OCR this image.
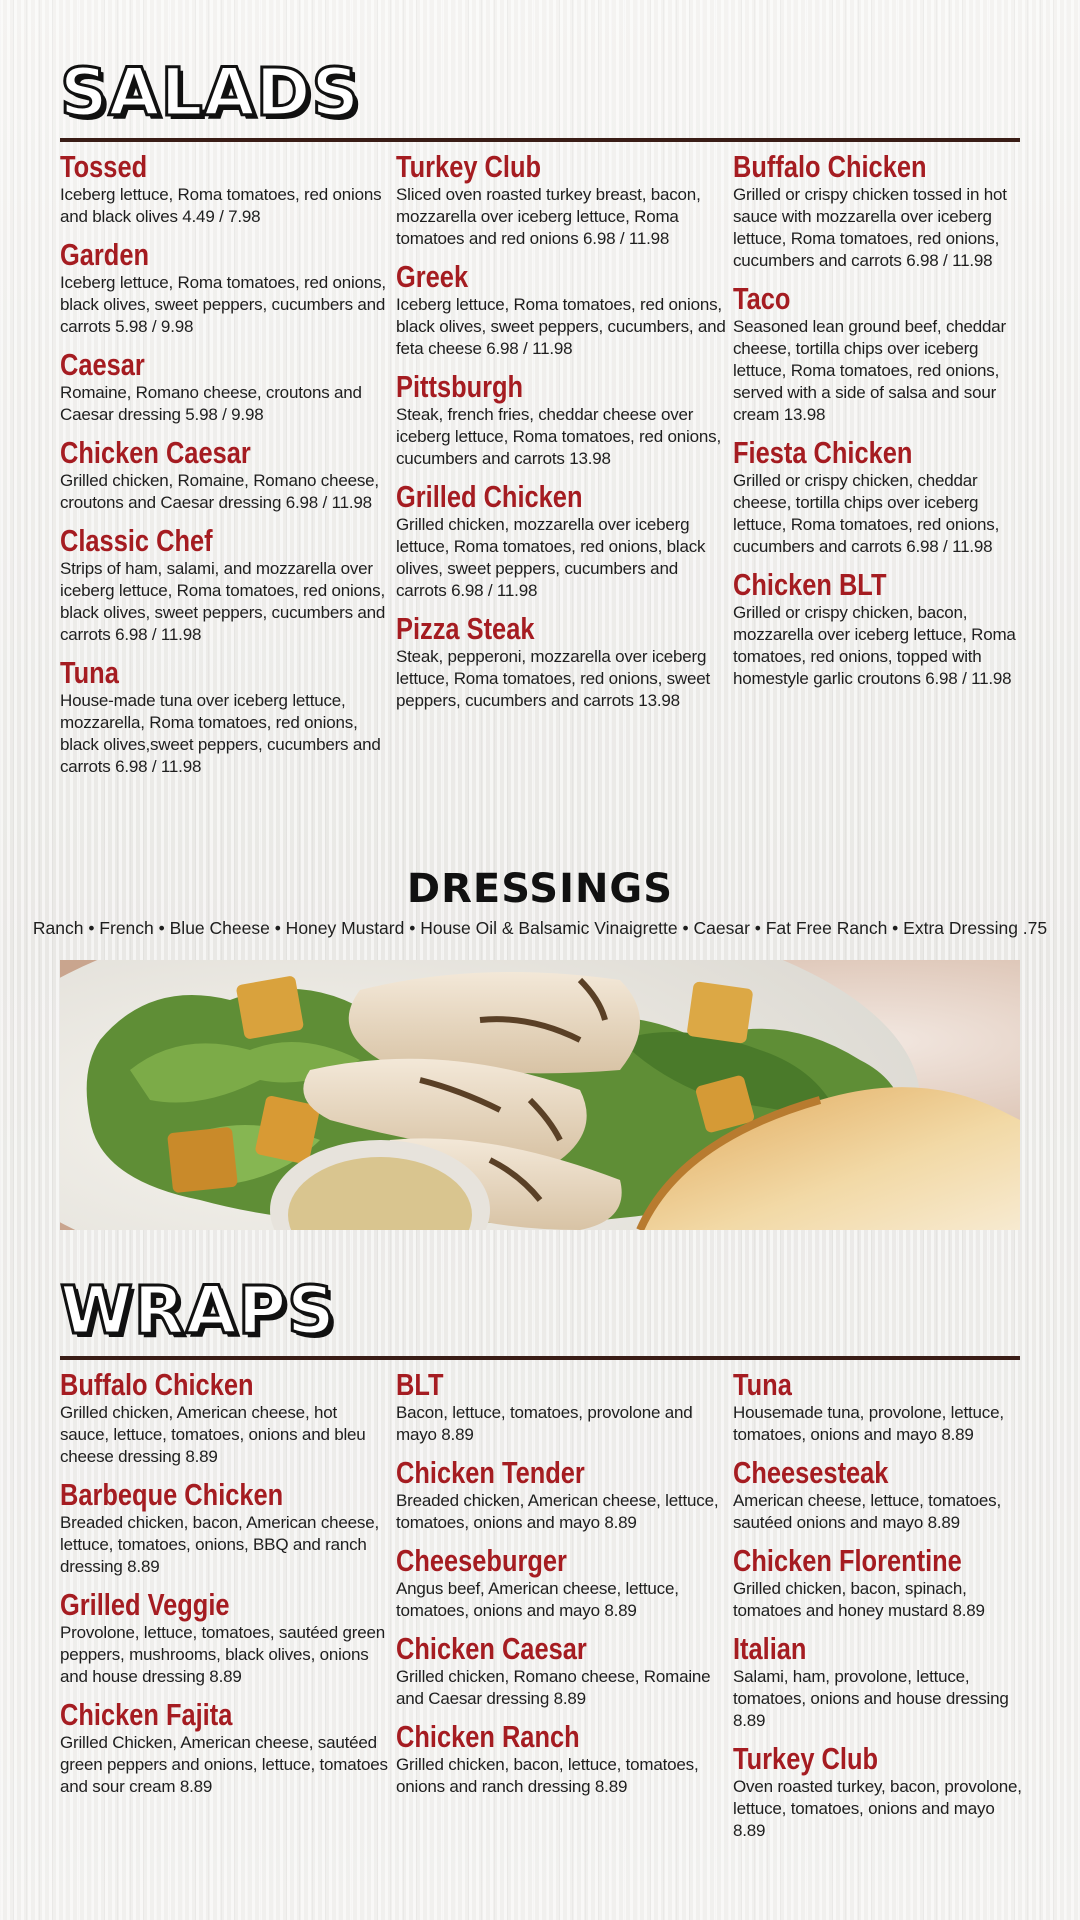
SALADS
Tossed
Iceberg lettuce, Roma tomatoes, red onions and black olives 4.49 / 7.98
Garden
Iceberg lettuce, Roma tomatoes, red onions, black olives, sweet peppers, cucumbers and carrots 5.98 / 9.98
Caesar
Romaine, Romano cheese, croutons and Caesar dressing 5.98 / 9.98
Chicken Caesar
Grilled chicken, Romaine, Romano cheese, croutons and Caesar dressing 6.98 / 11.98
Classic Chef
Strips of ham, salami, and mozzarella over iceberg lettuce, Roma tomatoes, red onions, black olives, sweet peppers, cucumbers and carrots 6.98 / 11.98
Tuna
House-made tuna over iceberg lettuce, mozzarella, Roma tomatoes, red onions, black olives,sweet peppers, cucumbers and carrots 6.98 / 11.98
Turkey Club
Sliced oven roasted turkey breast, bacon, mozzarella over iceberg lettuce, Roma tomatoes and red onions 6.98 / 11.98
Greek
Iceberg lettuce, Roma tomatoes, red onions, black olives, sweet peppers, cucumbers, and feta cheese 6.98 / 11.98
Pittsburgh
Steak, french fries, cheddar cheese over iceberg lettuce, Roma tomatoes, red onions, cucumbers and carrots 13.98
Grilled Chicken
Grilled chicken, mozzarella over iceberg lettuce, Roma tomatoes, red onions, black olives, sweet peppers, cucumbers and carrots 6.98 / 11.98
Pizza Steak
Steak, pepperoni, mozzarella over iceberg lettuce, Roma tomatoes, red onions, sweet peppers, cucumbers and carrots 13.98
Buffalo Chicken
Grilled or crispy chicken tossed in hot sauce with mozzarella over iceberg lettuce, Roma tomatoes, red onions, cucumbers and carrots 6.98 / 11.98
Taco
Seasoned lean ground beef, cheddar cheese, tortilla chips over iceberg lettuce, Roma tomatoes, red onions, served with a side of salsa and sour cream 13.98
Fiesta Chicken
Grilled or crispy chicken, cheddar cheese, tortilla chips over iceberg lettuce, Roma tomatoes, red onions, cucumbers and carrots 6.98 / 11.98
Chicken BLT
Grilled or crispy chicken, bacon, mozzarella over iceberg lettuce, Roma tomatoes, red onions, topped with homestyle garlic croutons 6.98 / 11.98
DRESSINGS
Ranch • French • Blue Cheese • Honey Mustard • House Oil & Balsamic Vinaigrette • Caesar • Fat Free Ranch • Extra Dressing .75
WRAPS
Buffalo Chicken
Grilled chicken, American cheese, hot sauce, lettuce, tomatoes, onions and bleu cheese dressing 8.89
Barbeque Chicken
Breaded chicken, bacon, American cheese, lettuce, tomatoes, onions, BBQ and ranch dressing 8.89
Grilled Veggie
Provolone, lettuce, tomatoes, sautéed green peppers, mushrooms, black olives, onions and house dressing 8.89
Chicken Fajita
Grilled Chicken, American cheese, sautéed green peppers and onions, lettuce, tomatoes and sour cream 8.89
BLT
Bacon, lettuce, tomatoes, provolone and mayo 8.89
Chicken Tender
Breaded chicken, American cheese, lettuce, tomatoes, onions and mayo 8.89
Cheeseburger
Angus beef, American cheese, lettuce, tomatoes, onions and mayo 8.89
Chicken Caesar
Grilled chicken, Romano cheese, Romaine and Caesar dressing 8.89
Chicken Ranch
Grilled chicken, bacon, lettuce, tomatoes, onions and ranch dressing 8.89
Tuna
Housemade tuna, provolone, lettuce, tomatoes, onions and mayo 8.89
Cheesesteak
American cheese, lettuce, tomatoes, sautéed onions and mayo 8.89
Chicken Florentine
Grilled chicken, bacon, spinach, tomatoes and honey mustard 8.89
Italian
Salami, ham, provolone, lettuce, tomatoes, onions and house dressing 8.89
Turkey Club
Oven roasted turkey, bacon, provolone, lettuce, tomatoes, onions and mayo 8.89
